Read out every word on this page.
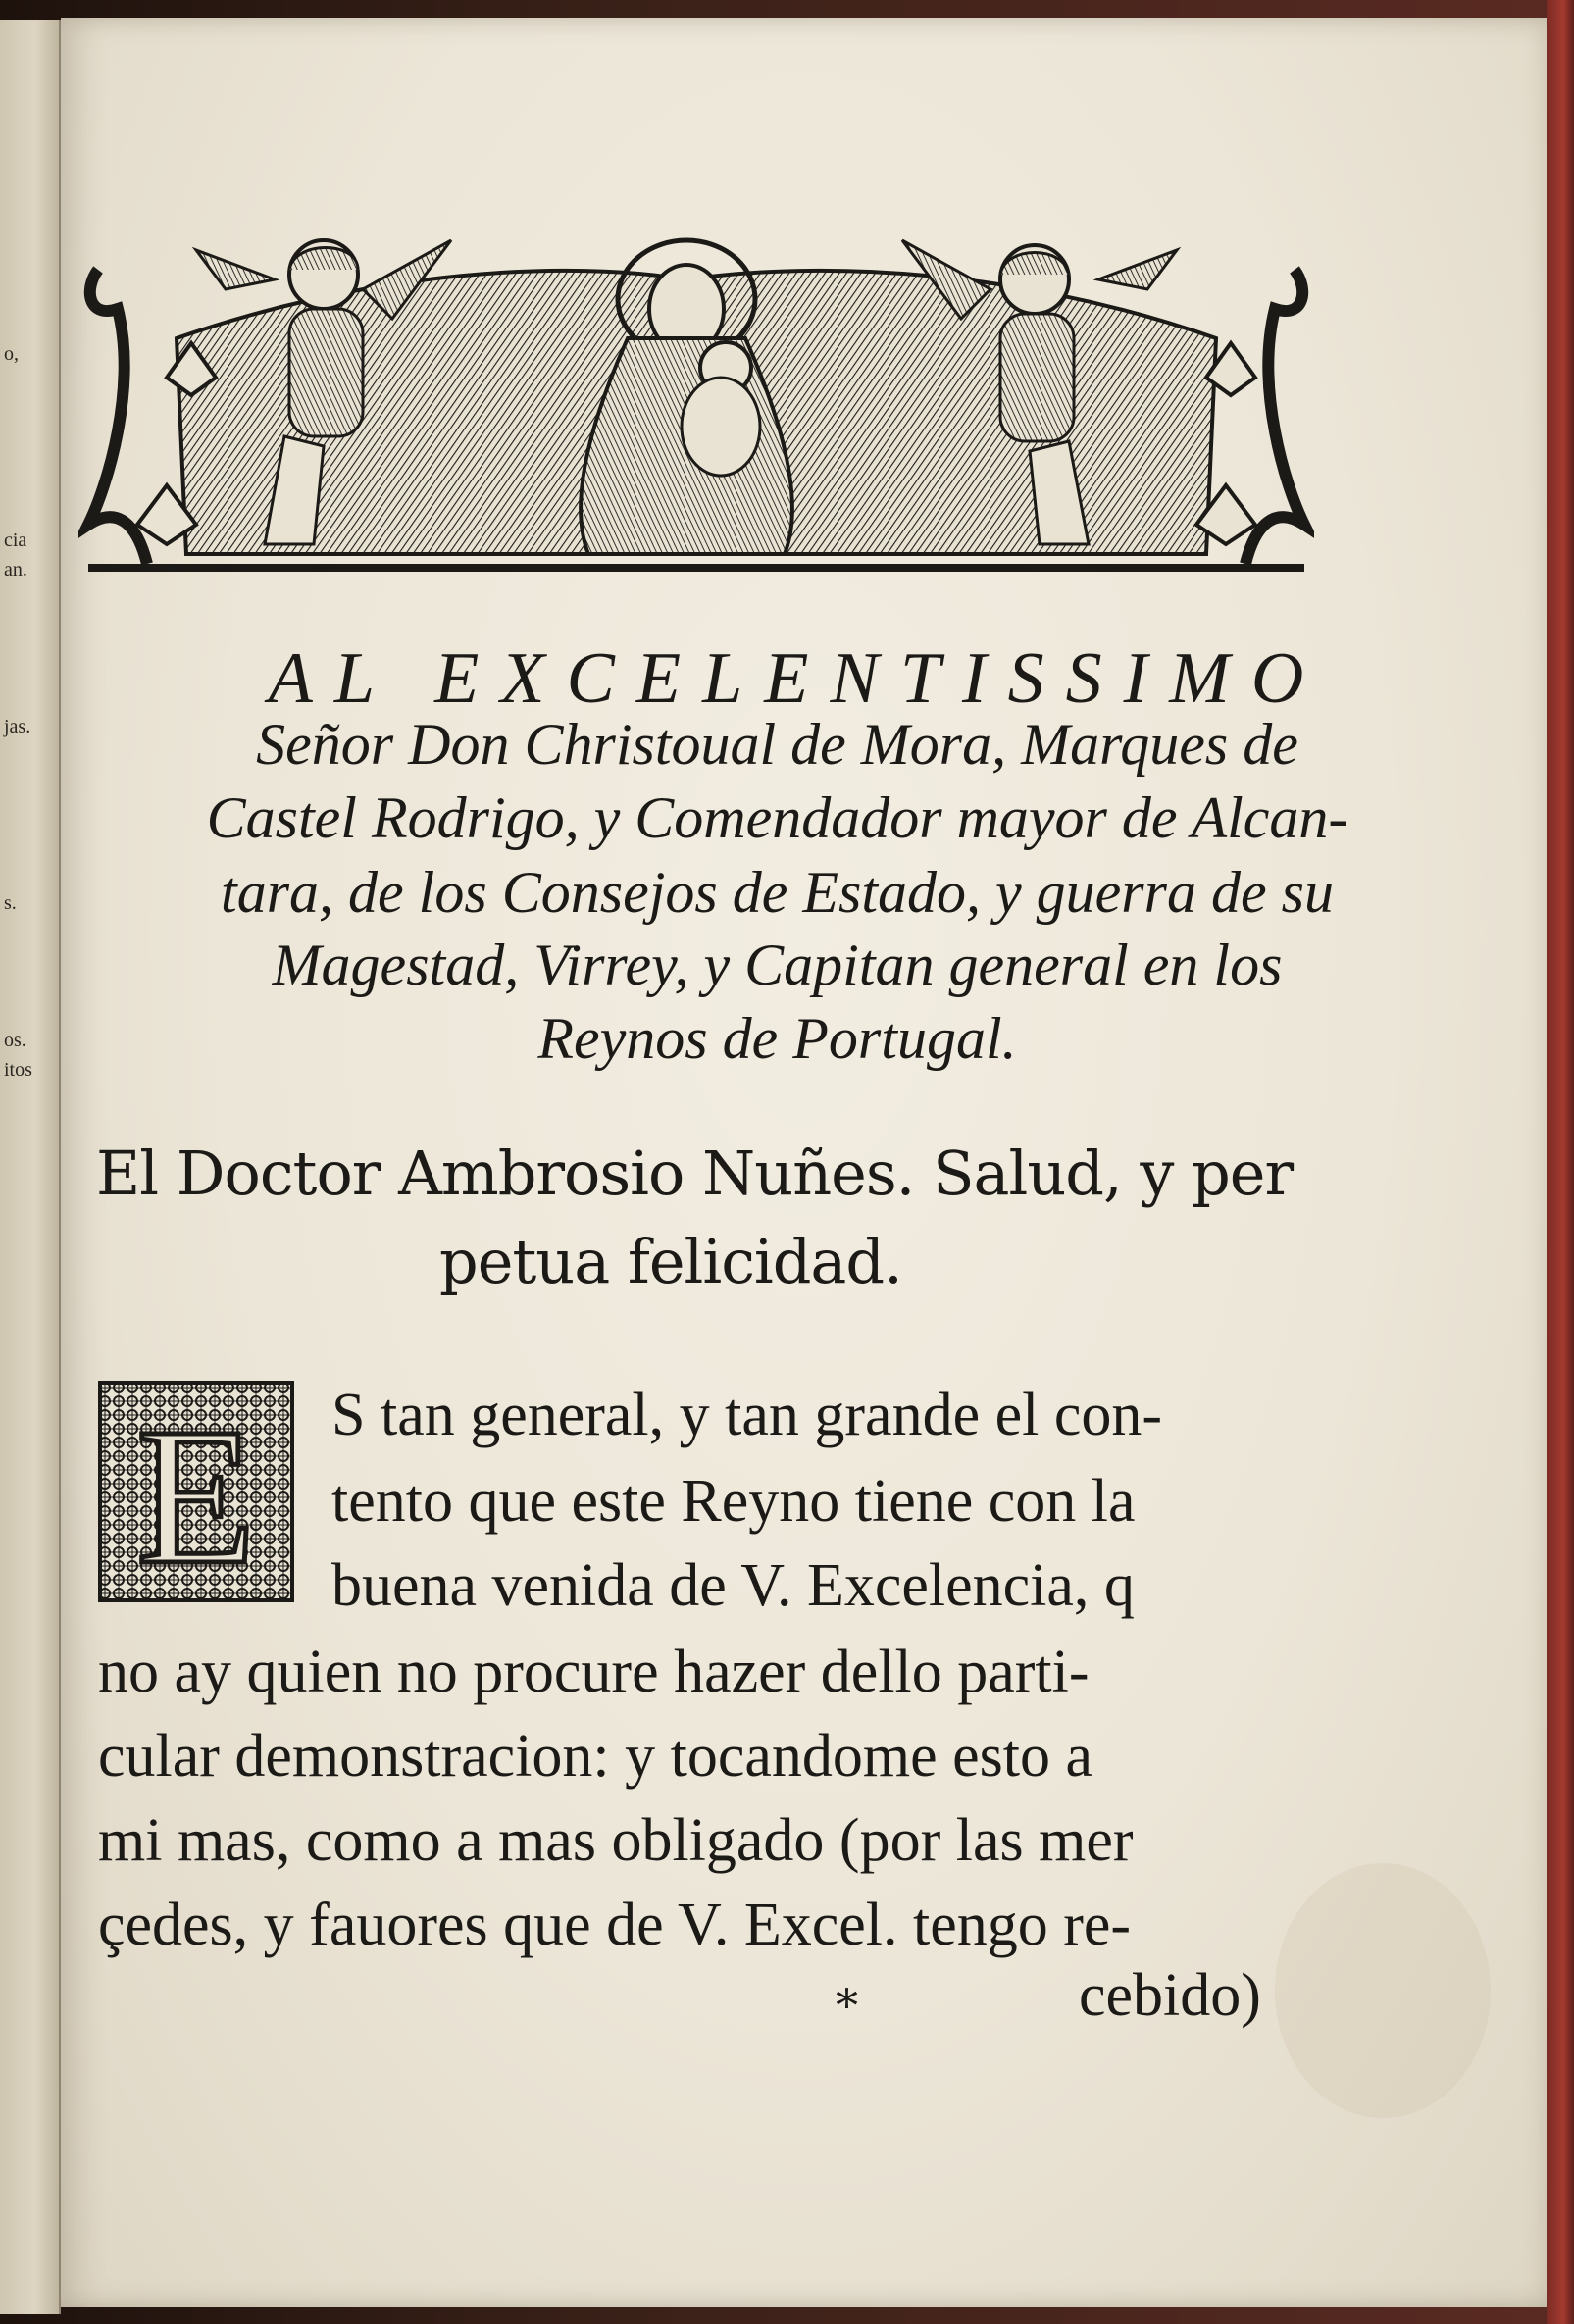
o,
cia
an.
jas.
s.
os.
itos
AL EXCELENTISSIMO
Señor Don Christoual de Mora, Marques de
Castel Rodrigo, y Comendador mayor de Alcan-
tara, de los Consejos de Estado, y guerra de su
Magestad, Virrey, y Capitan general en los
Reynos de Portugal.
El Doctor Ambrosio Nuñes. Salud, y per
petua felicidad.
E S tan general, y tan grande el con-
tento que este Reyno tiene con la
buena venida de V. Excelencia, q
no ay quien no procure hazer dello parti-
cular demonstracion: y tocandome esto a
mi mas, como a mas obligado (por las mer
çedes, y fauores que de V. Excel. tengo re-
*	cebido)
